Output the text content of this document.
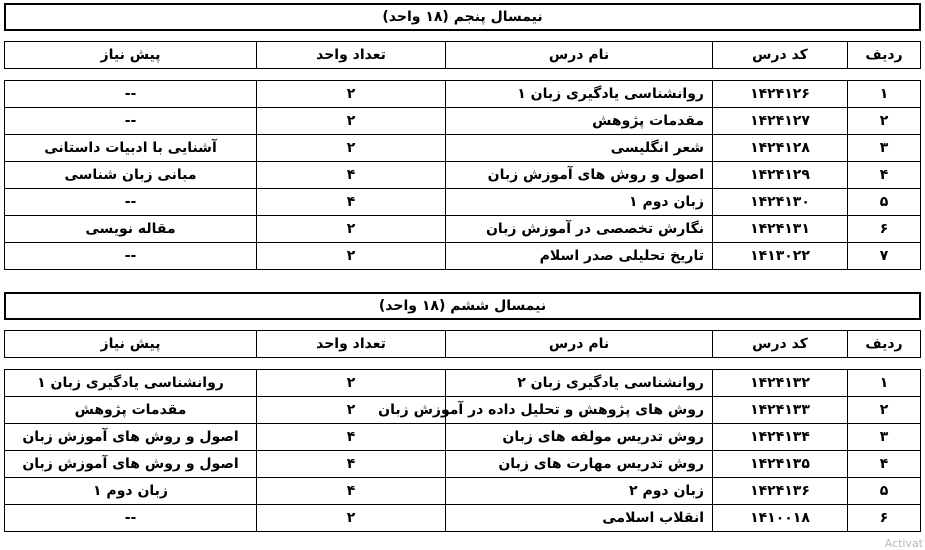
نیمسال پنجم (۱۸ واحد)
ردیف	کد درس	نام درس	تعداد واحد	پیش نیاز
۱	۱۴۲۴۱۲۶	روانشناسی یادگیری زبان ۱	۲	--
۲	۱۴۲۴۱۲۷	مقدمات پژوهش	۲	--
۳	۱۴۲۴۱۲۸	شعر انگلیسی	۲	آشنایی با ادبیات داستانی
۴	۱۴۲۴۱۲۹	اصول و روش های آموزش زبان	۴	مبانی زبان شناسی
۵	۱۴۲۴۱۳۰	زبان دوم ۱	۴	--
۶	۱۴۲۴۱۳۱	نگارش تخصصی در آموزش زبان	۲	مقاله نویسی
۷	۱۴۱۳۰۲۲	تاریخ تحلیلی صدر اسلام	۲	--
نیمسال ششم (۱۸ واحد)
ردیف	کد درس	نام درس	تعداد واحد	پیش نیاز
۱	۱۴۲۴۱۳۲	روانشناسی یادگیری زبان ۲	۲	روانشناسی یادگیری زبان ۱
۲	۱۴۲۴۱۳۳	روش های پژوهش و تحلیل داده در آموزش زبان	۲	مقدمات پژوهش
۳	۱۴۲۴۱۳۴	روش تدریس مولفه های زبان	۴	اصول و روش های آموزش زبان
۴	۱۴۲۴۱۳۵	روش تدریس مهارت های زبان	۴	اصول و روش های آموزش زبان
۵	۱۴۲۴۱۳۶	زبان دوم ۲	۴	زبان دوم ۱
۶	۱۴۱۰۰۱۸	انقلاب اسلامی	۲	--
Activat
